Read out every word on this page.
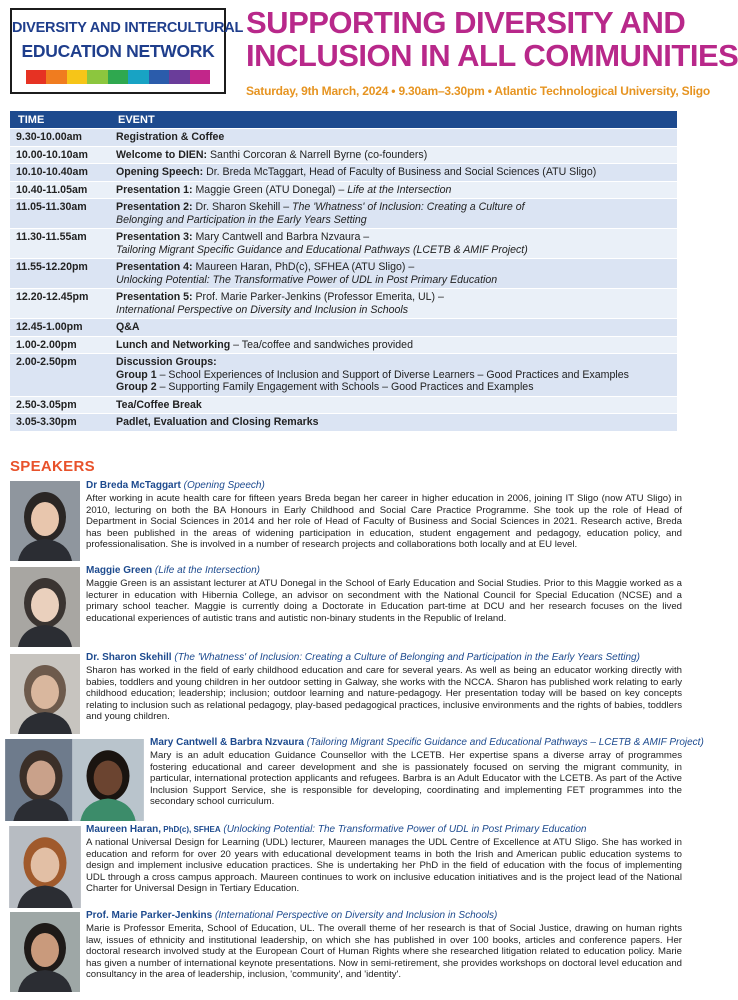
DIVERSITY AND INTERCULTURAL
EDUCATION NETWORK
SUPPORTING DIVERSITY AND
INCLUSION IN ALL COMMUNITIES
Saturday, 9th March, 2024 • 9.30am–3.30pm • Atlantic Technological University, Sligo
TIME	EVENT
9.30-10.00am	Registration & Coffee
10.00-10.10am	Welcome to DIEN: Santhi Corcoran & Narrell Byrne (co-founders)
10.10-10.40am	Opening Speech: Dr. Breda McTaggart, Head of Faculty of Business and Social Sciences (ATU Sligo)
10.40-11.05am	Presentation 1: Maggie Green (ATU Donegal) – Life at the Intersection
11.05-11.30am	Presentation 2: Dr. Sharon Skehill – The 'Whatness' of Inclusion: Creating a Culture of
Belonging and Participation in the Early Years Setting
11.30-11.55am	Presentation 3: Mary Cantwell and Barbra Nzvaura –
Tailoring Migrant Specific Guidance and Educational Pathways (LCETB & AMIF Project)
11.55-12.20pm	Presentation 4: Maureen Haran, PhD(c), SFHEA (ATU Sligo) –
Unlocking Potential: The Transformative Power of UDL in Post Primary Education
12.20-12.45pm	Presentation 5: Prof. Marie Parker-Jenkins (Professor Emerita, UL) –
International Perspective on Diversity and Inclusion in Schools
12.45-1.00pm	Q&A
1.00-2.00pm	Lunch and Networking – Tea/coffee and sandwiches provided
2.00-2.50pm	Discussion Groups:
Group 1 – School Experiences of Inclusion and Support of Diverse Learners – Good Practices and Examples
Group 2 – Supporting Family Engagement with Schools – Good Practices and Examples
2.50-3.05pm	Tea/Coffee Break
3.05-3.30pm	Padlet, Evaluation and Closing Remarks
SPEAKERS
Dr Breda McTaggart (Opening Speech)
After working in acute health care for fifteen years Breda began her career in higher education in 2006, joining IT Sligo (now ATU Sligo) in 2010, lecturing on both the BA Honours in Early Childhood and Social Care Practice Programme. She took up the role of Head of Department in Social Sciences in 2014 and her role of Head of Faculty of Business and Social Sciences in 2021. Research active, Breda has been published in the areas of widening participation in education, student engagement and pedagogy, education policy, and professionalisation. She is involved in a number of research projects and collaborations both locally and at EU level.
Maggie Green (Life at the Intersection)
Maggie Green is an assistant lecturer at ATU Donegal in the School of Early Education and Social Studies. Prior to this Maggie worked as a lecturer in education with Hibernia College, an advisor on secondment with the National Council for Special Education (NCSE) and a primary school teacher. Maggie is currently doing a Doctorate in Education part-time at DCU and her research focuses on the lived educational experiences of autistic trans and autistic non-binary students in the Republic of Ireland.
Dr. Sharon Skehill (The 'Whatness' of Inclusion: Creating a Culture of Belonging and Participation in the Early Years Setting)
Sharon has worked in the field of early childhood education and care for several years. As well as being an educator working directly with babies, toddlers and young children in her outdoor setting in Galway, she works with the NCCA. Sharon has published work relating to early childhood education; leadership; inclusion; outdoor learning and nature-pedagogy. Her presentation today will be based on key concepts relating to inclusion such as relational pedagogy, play-based pedagogical practices, inclusive environments and the rights of babies, toddlers and young children.
Mary Cantwell & Barbra Nzvaura (Tailoring Migrant Specific Guidance and Educational Pathways – LCETB & AMIF Project)
Mary is an adult education Guidance Counsellor with the LCETB. Her expertise spans a diverse array of programmes fostering educational and career development and she is passionately focused on serving the migrant community, in particular, international protection applicants and refugees. Barbra is an Adult Educator with the LCETB. As part of the Active Inclusion Support Service, she is responsible for developing, coordinating and implementing FET programmes into the secondary school curriculum.
Maureen Haran, PhD(c), SFHEA (Unlocking Potential: The Transformative Power of UDL in Post Primary Education
A national Universal Design for Learning (UDL) lecturer, Maureen manages the UDL Centre of Excellence at ATU Sligo. She has worked in education and reform for over 20 years with educational development teams in both the Irish and American public education systems to design and implement inclusive education practices. She is undertaking her PhD in the field of education with the focus of implementing UDL through a cross campus approach. Maureen continues to work on inclusive education initiatives and is the project lead of the National Charter for Universal Design in Tertiary Education.
Prof. Marie Parker-Jenkins (International Perspective on Diversity and Inclusion in Schools)
Marie is Professor Emerita, School of Education, UL. The overall theme of her research is that of Social Justice, drawing on human rights law, issues of ethnicity and institutional leadership, on which she has published in over 100 books, articles and conference papers. Her doctoral research involved study at the European Court of Human Rights where she researched litigation related to education policy. Marie has given a number of international keynote presentations. Now in semi-retirement, she provides workshops on doctoral level education and consultancy in the area of leadership, inclusion, 'community', and 'identity'.
